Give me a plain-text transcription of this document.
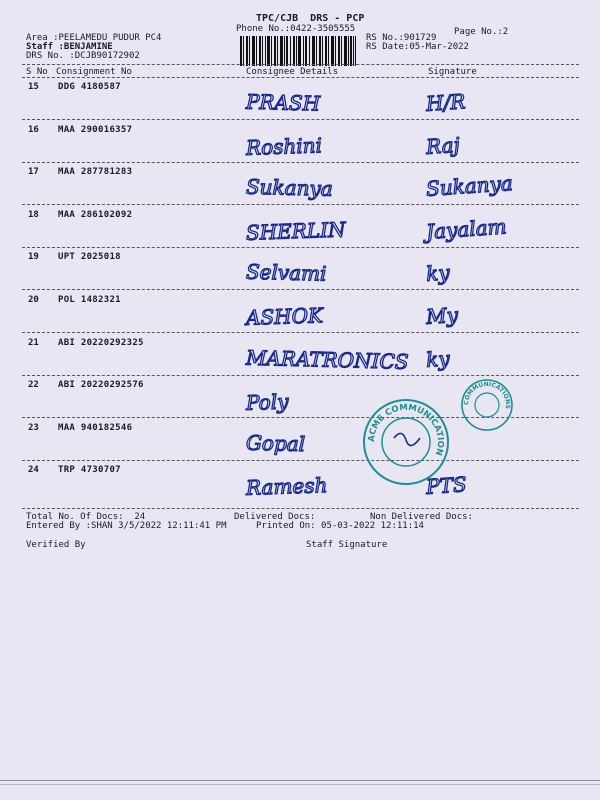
TPC/CJB  DRS - PCP
Phone No.:0422-3505555	Page No.:2
Area :PEELAMEDU PUDUR PC4
Staff :BENJAMINE
DRS No. :DCJB90172902
RS No.:901729
RS Date:05-Mar-2022
S No Consignment No	Consignee Details	Signature
15 DDG 4180587
PRASH	H/R
16 MAA 290016357
Roshini	Raj
17 MAA 287781283
Sukanya	Sukanya
18 MAA 286102092
SHERLIN	Jayalam
19 UPT 2025018
Selvami	ky
20 POL 1482321
ASHOK	My
21 ABI 20220292325
MARATRONICS ky
22 ABI 20220292576
Poly
23 MAA 940182546
Gopal
24 TRP 4730707
Ramesh	PTS
ACME COMMUNICATION
COMMUNICATIONS
Total No. Of Docs:  24	Delivered Docs:	Non Delivered Docs:
Entered By :SHAN 3/5/2022 12:11:41 PM	Printed On: 05-03-2022 12:11:14
Verified By	Staff Signature
